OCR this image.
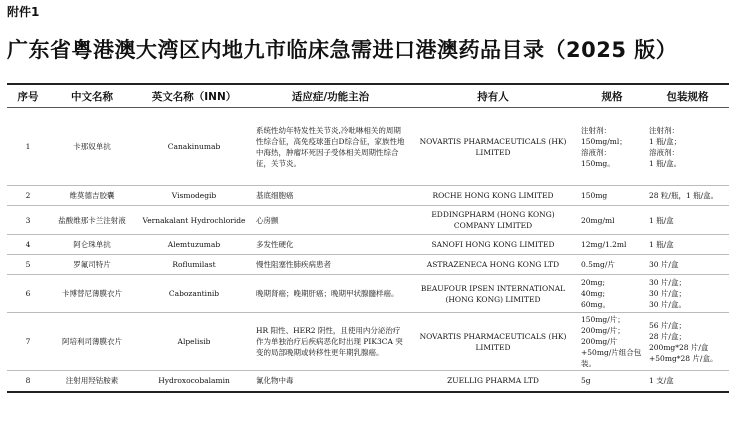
附件1
广东省粤港澳大湾区内地九市临床急需进口港澳药品目录（2025 版）
序号	中文名称	英文名称（INN）	适应症/功能主治	持有人	规格	包装规格
1	卡那奴单抗	Canakinumab	系统性幼年特发性关节炎,冷吡啉相关的周期性综合征，高免疫球蛋白D综合征，家族性地中海热，肿瘤坏死因子受体相关周期性综合征，关节炎。	NOVARTIS PHARMACEUTICALS (HK) LIMITED	注射剂：
150mg/ml；
溶液剂：150mg。	注射剂：
1 瓶/盒；
溶液剂：
1 瓶/盒。

2	维莫德吉胶囊	Vismodegib	基底细胞癌	ROCHE HONG KONG LIMITED	150mg	28 粒/瓶，1 瓶/盒。

3	盐酸维那卡兰注射液	Vernakalant Hydrochloride	心房颤	EDDINGPHARM (HONG KONG) COMPANY LIMITED	20mg/ml	1 瓶/盒

4	阿仑珠单抗	Alemtuzumab	多发性硬化	SANOFI HONG KONG LIMITED	12mg/1.2ml	1 瓶/盒

5	罗氟司特片	Roflumilast	慢性阻塞性肺疾病患者	ASTRAZENECA HONG KONG LTD	0.5mg/片	30 片/盒

6	卡博替尼薄膜衣片	Cabozantinib	晚期肾癌；晚期肝癌；晚期甲状腺髓样癌。	BEAUFOUR IPSEN INTERNATIONAL (HONG KONG) LIMITED	20mg;
40mg;
60mg。	30 片/盒；
30 片/盒；
30 片/盒。

7	阿培利司薄膜衣片	Alpelisib	HR 阳性、HER2 阴性，且使用内分泌治疗作为单独治疗后疾病恶化时出现 PIK3CA 突变的局部晚期或转移性更年期乳腺癌。	NOVARTIS PHARMACEUTICALS (HK) LIMITED	150mg/片；
200mg/片；
200mg/片+50mg/片组合包装。	56 片/盒；
28 片/盒；
200mg*28 片/盒
+50mg*28 片/盒。

8	注射用羟钴胺素	Hydroxocobalamin	氰化物中毒	ZUELLIG PHARMA LTD	5g	1 支/盒
